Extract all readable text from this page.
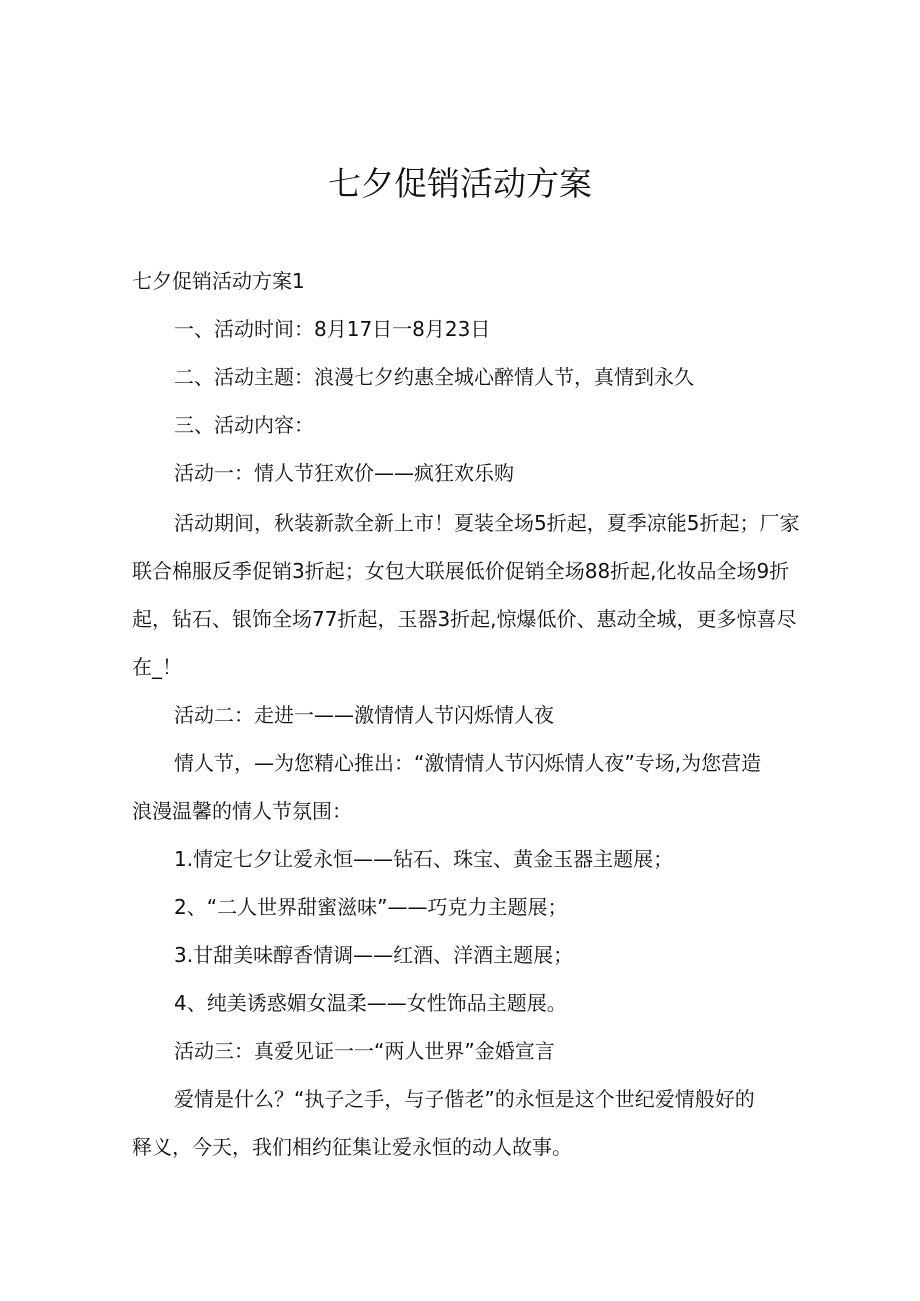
七夕促销活动方案
七夕促销活动方案1
一、活动时间：8月17日一8月23日
二、活动主题：浪漫七夕约惠全城心醉情人节，真情到永久
三、活动内容：
活动一：情人节狂欢价——疯狂欢乐购
活动期间，秋装新款全新上市！夏装全场5折起，夏季凉能5折起；厂家
联合棉服反季促销3折起；女包大联展低价促销全场88折起,化妆品全场9折
起，钻石、银饰全场77折起，玉器3折起,惊爆低价、惠动全城，更多惊喜尽
在_！
活动二：走进一——激情情人节闪烁情人夜
情人节，—为您精心推出：“激情情人节闪烁情人夜”专场,为您营造
浪漫温馨的情人节氛围：
1.情定七夕让爱永恒——钻石、珠宝、黄金玉器主题展；
2、“二人世界甜蜜滋味”——巧克力主题展；
3.甘甜美味醇香情调——红酒、洋酒主题展；
4、纯美诱惑媚女温柔——女性饰品主题展。
活动三：真爱见证一一“两人世界”金婚宣言
爱情是什么？“执子之手，与子偕老”的永恒是这个世纪爱情般好的
释义，今天，我们相约征集让爱永恒的动人故事。
